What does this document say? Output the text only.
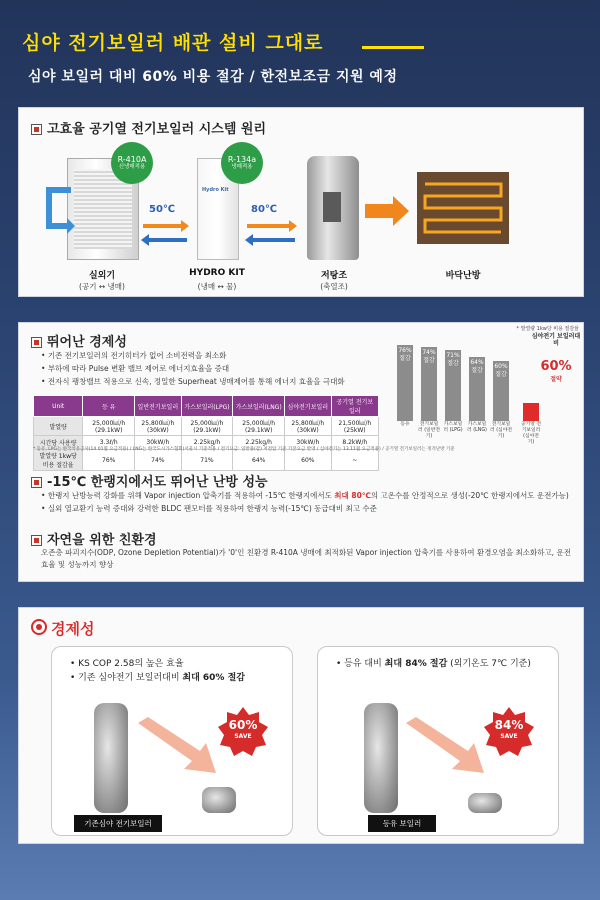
심야 전기보일러 배관 설비 그대로
심야 보일러 대비 60% 비용 절감 / 한전보조금 지원 예정
고효율 공기열 전기보일러 시스템 원리
R-410A
신냉매적용
실외기
(공기 ↔ 냉매)
50℃
Hydro Kit
R-134a
냉매적용
HYDRO KIT
(냉매 ↔ 물)
80℃
저탕조
(축열조)
바닥난방
뛰어난 경제성
• 기존 전기보일러의 전기히터가 없어 소비전력을 최소화
• 부하에 따라 Pulse 변환 밸브 제어로 에너지효율을 증대
• 전자식 팽창밸브 적용으로 신속, 정밀한 Superheat 냉매제어를 통해 에너지 효율을 극대화
Unit	등 유	일반전기보일러	가스보일러(LPG)	가스보일러(LNG)	심야전기보일러	공기열 전기보일러
발열량	25,000㎉/h (29.1kW)	25,800㎉/h (30kW)	25,000㎉/h (29.1kW)	25,000㎉/h (29.1kW)	25,800㎉/h (30kW)	21,500㎉/h (25kW)
시간당 사용량	3.3ℓ/h	30kW/h	2.25kg/h	2.25kg/h	30kW/h	8.2kW/h
발열량 1kw당 비용 절감율	76%	74%	71%	64%	60%	~
* 등유, LPG는 한국석유공사(14.01월 요금적용) / LNG는 한국도시가스협회(서울시 기준적용 / 전기요금: 일반용(갑) 저전압 기준 기본요금 반영 / 심야전기는 13.11월 요금적용) / 공기열 전기보일러는 정격난방 기준
* 발열량 1kw당 비용 절감율
76% 절감
74% 절감
71% 절감	64% 절감
60% 절감
심야전기 보일러대비
60%
절약
등유	전기보일러 (일반전기)
가스보일러 (LPG)
가스보일러 (LNG)
전기보일러 (심야전기)
공기열 전기보일러 (심야전기)
-15℃ 한랭지에서도 뛰어난 난방 성능
• 한랭지 난방능력 강화를 위해 Vapor injection 압축기를 적용하여 -15℃ 한랭지에서도 최대 80℃의 고온수를 안정적으로 생성(-20℃ 한랭지에서도 운전가능)
• 실외 열교환기 능력 증대와 강력한 BLDC 팬모터를 적용하여 한랭지 능력(-15℃) 동급대비 최고 수준
자연을 위한 친환경
오존층 파괴지수(ODP, Ozone Depletion Potential)가 '0'인 친환경 R-410A 냉매에 최적화된 Vapor injection 압축기를 사용하여 환경오염을 최소화하고, 운전 효율 및 성능까지 향상
경제성
• KS COP 2.58의 높은 효율
• 기존 심야전기 보일러대비 최대 60% 절감
60%
SAVE
기존심야 전기보일러
• 등유 대비 최대 84% 절감 (외기온도 7℃ 기준)
84%
SAVE
등유 보일러
